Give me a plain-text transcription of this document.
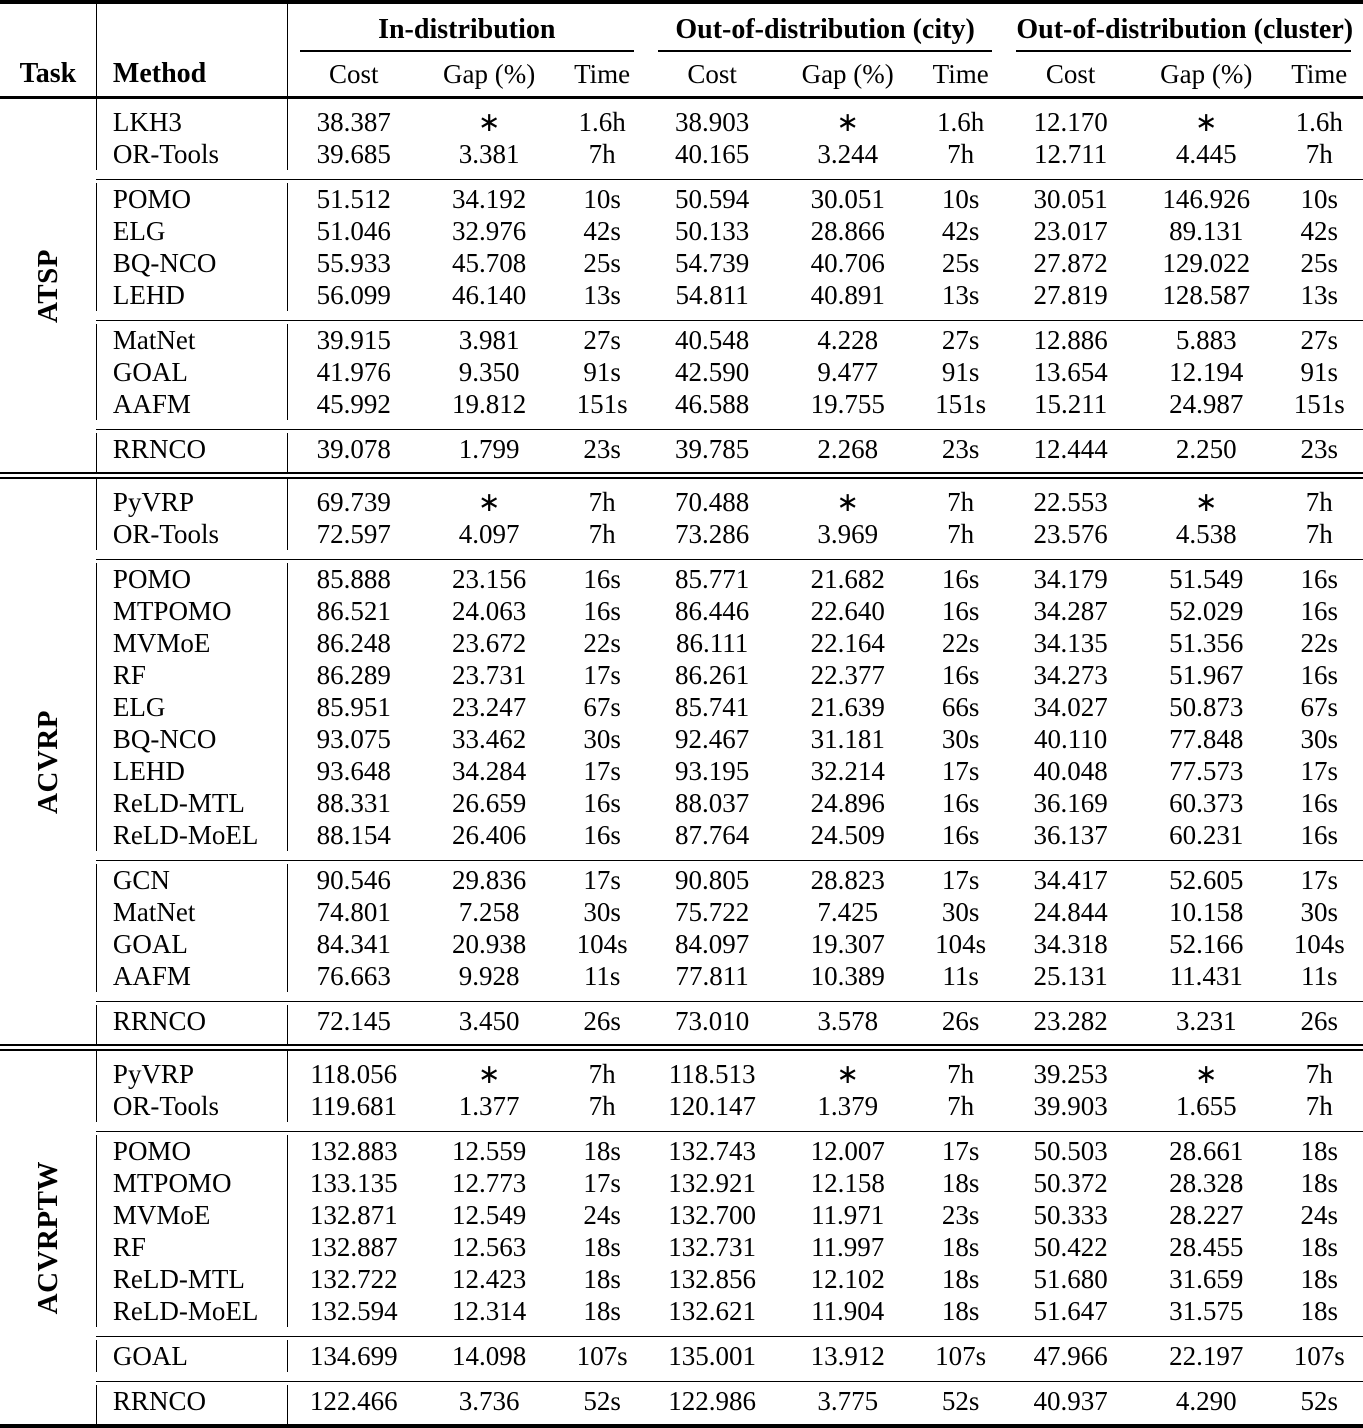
		In-distribution			Out-of-distribution (city)			Out-of-distribution (cluster)		

Task	Method	Cost	Gap (%)	Time	Cost	Gap (%)	Time	Cost	Gap (%)	Time
ATSP	LKH3	38.387	∗	1.6h	38.903	∗	1.6h	12.170	∗	1.6h
	OR-Tools	39.685	3.381	7h	40.165	3.244	7h	12.711	4.445	7h

	POMO	51.512	34.192	10s	50.594	30.051	10s	30.051	146.926	10s
	ELG	51.046	32.976	42s	50.133	28.866	42s	23.017	89.131	42s
	BQ-NCO	55.933	45.708	25s	54.739	40.706	25s	27.872	129.022	25s
	LEHD	56.099	46.140	13s	54.811	40.891	13s	27.819	128.587	13s

	MatNet	39.915	3.981	27s	40.548	4.228	27s	12.886	5.883	27s
	GOAL	41.976	9.350	91s	42.590	9.477	91s	13.654	12.194	91s
	AAFM	45.992	19.812	151s	46.588	19.755	151s	15.211	24.987	151s

	RRNCO	39.078	1.799	23s	39.785	2.268	23s	12.444	2.250	23s

ACVRP	PyVRP	69.739	∗	7h	70.488	∗	7h	22.553	∗	7h
	OR-Tools	72.597	4.097	7h	73.286	3.969	7h	23.576	4.538	7h

	POMO	85.888	23.156	16s	85.771	21.682	16s	34.179	51.549	16s
	MTPOMO	86.521	24.063	16s	86.446	22.640	16s	34.287	52.029	16s
	MVMoE	86.248	23.672	22s	86.111	22.164	22s	34.135	51.356	22s
	RF	86.289	23.731	17s	86.261	22.377	16s	34.273	51.967	16s
	ELG	85.951	23.247	67s	85.741	21.639	66s	34.027	50.873	67s
	BQ-NCO	93.075	33.462	30s	92.467	31.181	30s	40.110	77.848	30s
	LEHD	93.648	34.284	17s	93.195	32.214	17s	40.048	77.573	17s
	ReLD-MTL	88.331	26.659	16s	88.037	24.896	16s	36.169	60.373	16s
	ReLD-MoEL	88.154	26.406	16s	87.764	24.509	16s	36.137	60.231	16s

	GCN	90.546	29.836	17s	90.805	28.823	17s	34.417	52.605	17s
	MatNet	74.801	7.258	30s	75.722	7.425	30s	24.844	10.158	30s
	GOAL	84.341	20.938	104s	84.097	19.307	104s	34.318	52.166	104s
	AAFM	76.663	9.928	11s	77.811	10.389	11s	25.131	11.431	11s

	RRNCO	72.145	3.450	26s	73.010	3.578	26s	23.282	3.231	26s

ACVRPTW	PyVRP	118.056	∗	7h	118.513	∗	7h	39.253	∗	7h
	OR-Tools	119.681	1.377	7h	120.147	1.379	7h	39.903	1.655	7h

	POMO	132.883	12.559	18s	132.743	12.007	17s	50.503	28.661	18s
	MTPOMO	133.135	12.773	17s	132.921	12.158	18s	50.372	28.328	18s
	MVMoE	132.871	12.549	24s	132.700	11.971	23s	50.333	28.227	24s
	RF	132.887	12.563	18s	132.731	11.997	18s	50.422	28.455	18s
	ReLD-MTL	132.722	12.423	18s	132.856	12.102	18s	51.680	31.659	18s
	ReLD-MoEL	132.594	12.314	18s	132.621	11.904	18s	51.647	31.575	18s

	GOAL	134.699	14.098	107s	135.001	13.912	107s	47.966	22.197	107s

	RRNCO	122.466	3.736	52s	122.986	3.775	52s	40.937	4.290	52s
